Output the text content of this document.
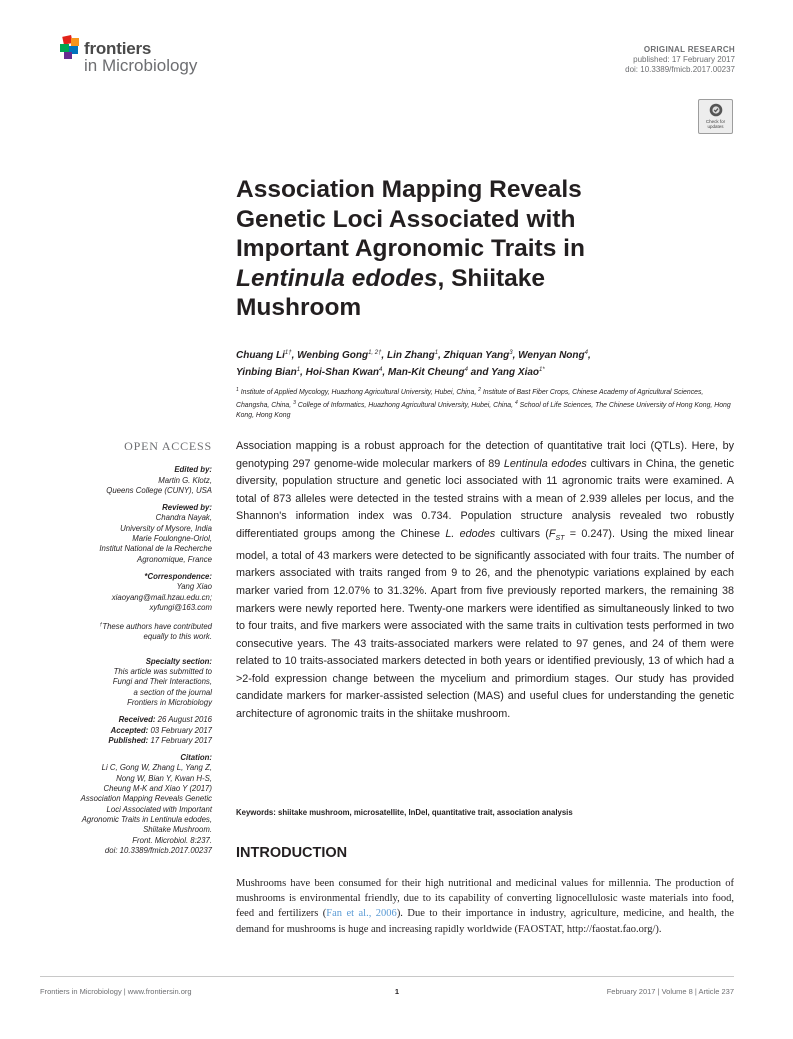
frontiers
in Microbiology
ORIGINAL RESEARCH
published: 17 February 2017
doi: 10.3389/fmicb.2017.00237
Check for updates
Association Mapping Reveals
Genetic Loci Associated with
Important Agronomic Traits in
Lentinula edodes, Shiitake
Mushroom
Chuang $Li^{1\dagger}$, Wenbing Gong$^{1, 2\dagger}$, Lin Zhang$^1$, Zhiquan Yang$^3$, Wenyan Nong$^4$,
Yinbing Bian$^1$, Hoi-Shan Kwan$^4$, Man-Kit Cheung$^4$ and Yang Xiao$^{1*}$
$^1$ Institute of Applied Mycology, Huazhong Agricultural University, Hubei, China, $^2$ Institute of Bast Fiber Crops, Chinese Academy of Agricultural Sciences, Changsha, China, $^3$ College of Informatics, Huazhong Agricultural University, Hubei, China, $^4$ School of Life Sciences, The Chinese University of Hong Kong, Hong Kong, Hong Kong
OPEN ACCESS
Edited by:
Martin G. Klotz,
Queens College (CUNY), USA
Reviewed by:
Chandra Nayak,
University of Mysore, India
Marie Foulongne-Oriol,
Institut National de la Recherche
Agronomique, France
*Correspondence:
Yang Xiao
xiaoyang@mail.hzau.edu.cn;
xyfungi@163.com
†These authors have contributed
equally to this work.
Specialty section:
This article was submitted to
Fungi and Their Interactions,
a section of the journal
Frontiers in Microbiology
Received: 26 August 2016
Accepted: 03 February 2017
Published: 17 February 2017
Citation:
Li C, Gong W, Zhang L, Yang Z,
Nong W, Bian Y, Kwan H-S,
Cheung M-K and Xiao Y (2017)
Association Mapping Reveals Genetic
Loci Associated with Important
Agronomic Traits in Lentinula edodes,
Shiitake Mushroom.
Front. Microbiol. 8:237.
doi: 10.3389/fmicb.2017.00237
Association mapping is a robust approach for the detection of quantitative trait loci (QTLs). Here, by genotyping 297 genome-wide molecular markers of 89 Lentinula edodes cultivars in China, the genetic diversity, population structure and genetic loci associated with 11 agronomic traits were examined. A total of 873 alleles were detected in the tested strains with a mean of 2.939 alleles per locus, and the Shannon's information index was 0.734. Population structure analysis revealed two robustly differentiated groups among the Chinese L. edodes cultivars $(F_{ST} = 0.247)$. Using the mixed linear model, a total of 43 markers were detected to be significantly associated with four traits. The number of markers associated with traits ranged from 9 to 26, and the phenotypic variations explained by each marker varied from 12.07% to 31.32%. Apart from five previously reported markers, the remaining 38 markers were newly reported here. Twenty-one markers were identified as simultaneously linked to two to four traits, and five markers were associated with the same traits in cultivation tests performed in two consecutive years. The 43 traits-associated markers were related to 97 genes, and 24 of them were related to 10 traits-associated markers detected in both years or identified previously, 13 of which had a >2-fold expression change between the mycelium and primordium stages. Our study has provided candidate markers for marker-assisted selection (MAS) and useful clues for understanding the genetic architecture of agronomic traits in the shiitake mushroom.
Keywords: shiitake mushroom, microsatellite, InDel, quantitative trait, association analysis
INTRODUCTION
Mushrooms have been consumed for their high nutritional and medicinal values for millennia. The production of mushrooms is environmental friendly, due to its capability of converting lignocellulosic waste materials into food, feed and fertilizers (Fan et al., 2006). Due to their importance in industry, agriculture, medicine, and health, the demand for mushrooms is huge and increasing rapidly worldwide (FAOSTAT, http://faostat.fao.org/).
Frontiers in Microbiology | www.frontiersin.org	1	February 2017 | Volume 8 | Article 237
